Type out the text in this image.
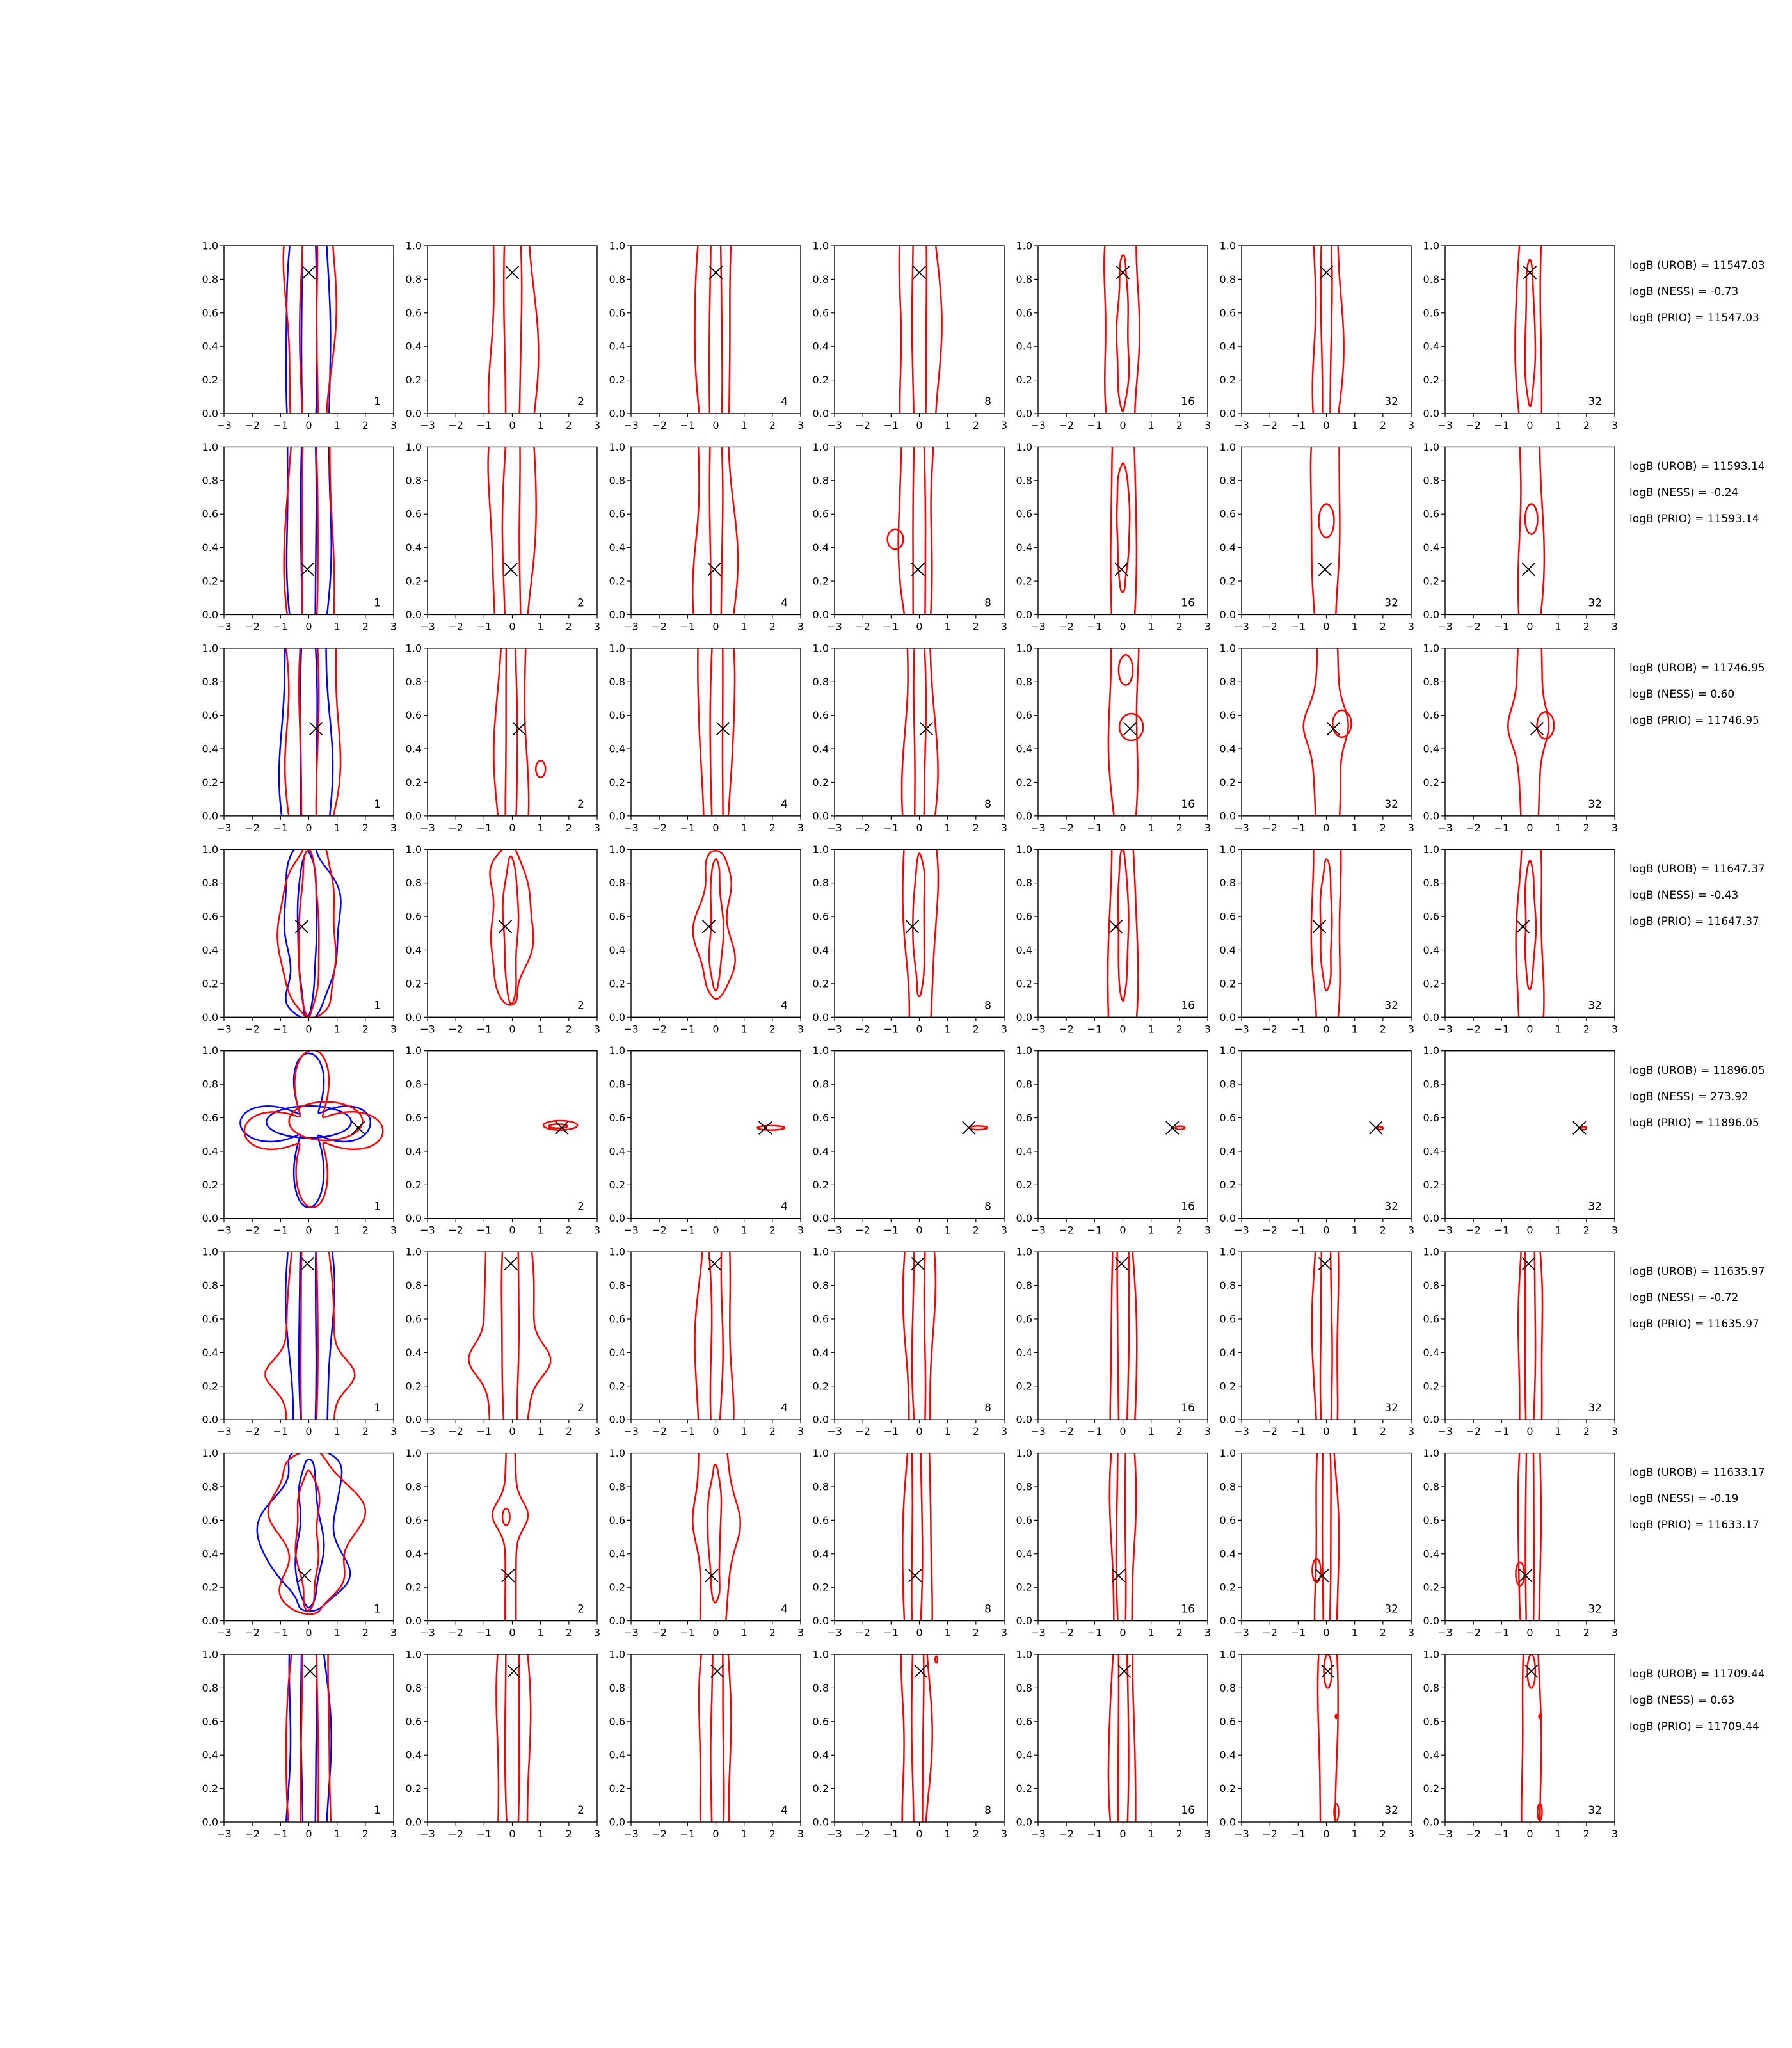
−3 −2 −1 0 1 2 3
0.0
0.2
0.4
0.6
0.8
1.0
1
−3 −2 −1 0 1 2 3
0.0
0.2
0.4
0.6
0.8
1.0
2
−3 −2 −1 0 1 2 3
0.0
0.2
0.4
0.6
0.8
1.0
4
−3 −2 −1 0 1 2 3
0.0
0.2
0.4
0.6
0.8
1.0
8
−3 −2 −1 0 1 2 3
0.0
0.2
0.4
0.6
0.8
1.0
16
−3 −2 −1 0 1 2 3
0.0
0.2
0.4
0.6
0.8
1.0
32
−3 −2 −1 0 1 2 3
0.0
0.2
0.4
0.6
0.8
1.0
32
−3 −2 −1 0 1 2 3
0.0
0.2
0.4
0.6
0.8
1.0
1
−3 −2 −1 0 1 2 3
0.0
0.2
0.4
0.6
0.8
1.0
2
−3 −2 −1 0 1 2 3
0.0
0.2
0.4
0.6
0.8
1.0
4
−3 −2 −1 0 1 2 3
0.0
0.2
0.4
0.6
0.8
1.0
8
−3 −2 −1 0 1 2 3
0.0
0.2
0.4
0.6
0.8
1.0
16
−3 −2 −1 0 1 2 3
0.0
0.2
0.4
0.6
0.8
1.0
32
−3 −2 −1 0 1 2 3
0.0
0.2
0.4
0.6
0.8
1.0
32
−3 −2 −1 0 1 2 3
0.0
0.2
0.4
0.6
0.8
1.0
1
−3 −2 −1 0 1 2 3
0.0
0.2
0.4
0.6
0.8
1.0
2
−3 −2 −1 0 1 2 3
0.0
0.2
0.4
0.6
0.8
1.0
4
−3 −2 −1 0 1 2 3
0.0
0.2
0.4
0.6
0.8
1.0
8
−3 −2 −1 0 1 2 3
0.0
0.2
0.4
0.6
0.8
1.0
16
−3 −2 −1 0 1 2 3
0.0
0.2
0.4
0.6
0.8
1.0
32
−3 −2 −1 0 1 2 3
0.0
0.2
0.4
0.6
0.8
1.0
32
−3 −2 −1 0 1 2 3
0.0
0.2
0.4
0.6
0.8
1.0
1
−3 −2 −1 0 1 2 3
0.0
0.2
0.4
0.6
0.8
1.0
2
−3 −2 −1 0 1 2 3
0.0
0.2
0.4
0.6
0.8
1.0
4
−3 −2 −1 0 1 2 3
0.0
0.2
0.4
0.6
0.8
1.0
8
−3 −2 −1 0 1 2 3
0.0
0.2
0.4
0.6
0.8
1.0
16
−3 −2 −1 0 1 2 3
0.0
0.2
0.4
0.6
0.8
1.0
32
−3 −2 −1 0 1 2 3
0.0
0.2
0.4
0.6
0.8
1.0
32
−3 −2 −1 0 1 2 3
0.0
0.2
0.4
0.6
0.8
1.0
1
−3 −2 −1 0 1 2 3
0.0
0.2
0.4
0.6
0.8
1.0
2
−3 −2 −1 0 1 2 3
0.0
0.2
0.4
0.6
0.8
1.0
4
−3 −2 −1 0 1 2 3
0.0
0.2
0.4
0.6
0.8
1.0
8
−3 −2 −1 0 1 2 3
0.0
0.2
0.4
0.6
0.8
1.0
16
−3 −2 −1 0 1 2 3
0.0
0.2
0.4
0.6
0.8
1.0
32
−3 −2 −1 0 1 2 3
0.0
0.2
0.4
0.6
0.8
1.0
32
−3 −2 −1 0 1 2 3
0.0
0.2
0.4
0.6
0.8
1.0
1
−3 −2 −1 0 1 2 3
0.0
0.2
0.4
0.6
0.8
1.0
2
−3 −2 −1 0 1 2 3
0.0
0.2
0.4
0.6
0.8
1.0
4
−3 −2 −1 0 1 2 3
0.0
0.2
0.4
0.6
0.8
1.0
8
−3 −2 −1 0 1 2 3
0.0
0.2
0.4
0.6
0.8
1.0
16
−3 −2 −1 0 1 2 3
0.0
0.2
0.4
0.6
0.8
1.0
32
−3 −2 −1 0 1 2 3
0.0
0.2
0.4
0.6
0.8
1.0
32
−3 −2 −1 0 1 2 3
0.0
0.2
0.4
0.6
0.8
1.0
1
−3 −2 −1 0 1 2 3
0.0
0.2
0.4
0.6
0.8
1.0
2
−3 −2 −1 0 1 2 3
0.0
0.2
0.4
0.6
0.8
1.0
4
−3 −2 −1 0 1 2 3
0.0
0.2
0.4
0.6
0.8
1.0
8
−3 −2 −1 0 1 2 3
0.0
0.2
0.4
0.6
0.8
1.0
16
−3 −2 −1 0 1 2 3
0.0
0.2
0.4
0.6
0.8
1.0
32
−3 −2 −1 0 1 2 3
0.0
0.2
0.4
0.6
0.8
1.0
32
−3 −2 −1 0 1 2 3
0.0
0.2
0.4
0.6
0.8
1.0
1
−3 −2 −1 0 1 2 3
0.0
0.2
0.4
0.6
0.8
1.0
2
−3 −2 −1 0 1 2 3
0.0
0.2
0.4
0.6
0.8
1.0
4
−3 −2 −1 0 1 2 3
0.0
0.2
0.4
0.6
0.8
1.0
8
−3 −2 −1 0 1 2 3
0.0
0.2
0.4
0.6
0.8
1.0
16
−3 −2 −1 0 1 2 3
0.0
0.2
0.4
0.6
0.8
1.0
32
−3 −2 −1 0 1 2 3
0.0
0.2
0.4
0.6
0.8
1.0
32
logB (UROB) = 11547.03
logB (NESS) = -0.73
logB (PRIO) = 11547.03
logB (UROB) = 11593.14
logB (NESS) = -0.24
logB (PRIO) = 11593.14
logB (UROB) = 11746.95
logB (NESS) = 0.60
logB (PRIO) = 11746.95
logB (UROB) = 11647.37
logB (NESS) = -0.43
logB (PRIO) = 11647.37
logB (UROB) = 11896.05
logB (NESS) = 273.92
logB (PRIO) = 11896.05
logB (UROB) = 11635.97
logB (NESS) = -0.72
logB (PRIO) = 11635.97
logB (UROB) = 11633.17
logB (NESS) = -0.19
logB (PRIO) = 11633.17
logB (UROB) = 11709.44
logB (NESS) = 0.63
logB (PRIO) = 11709.44
